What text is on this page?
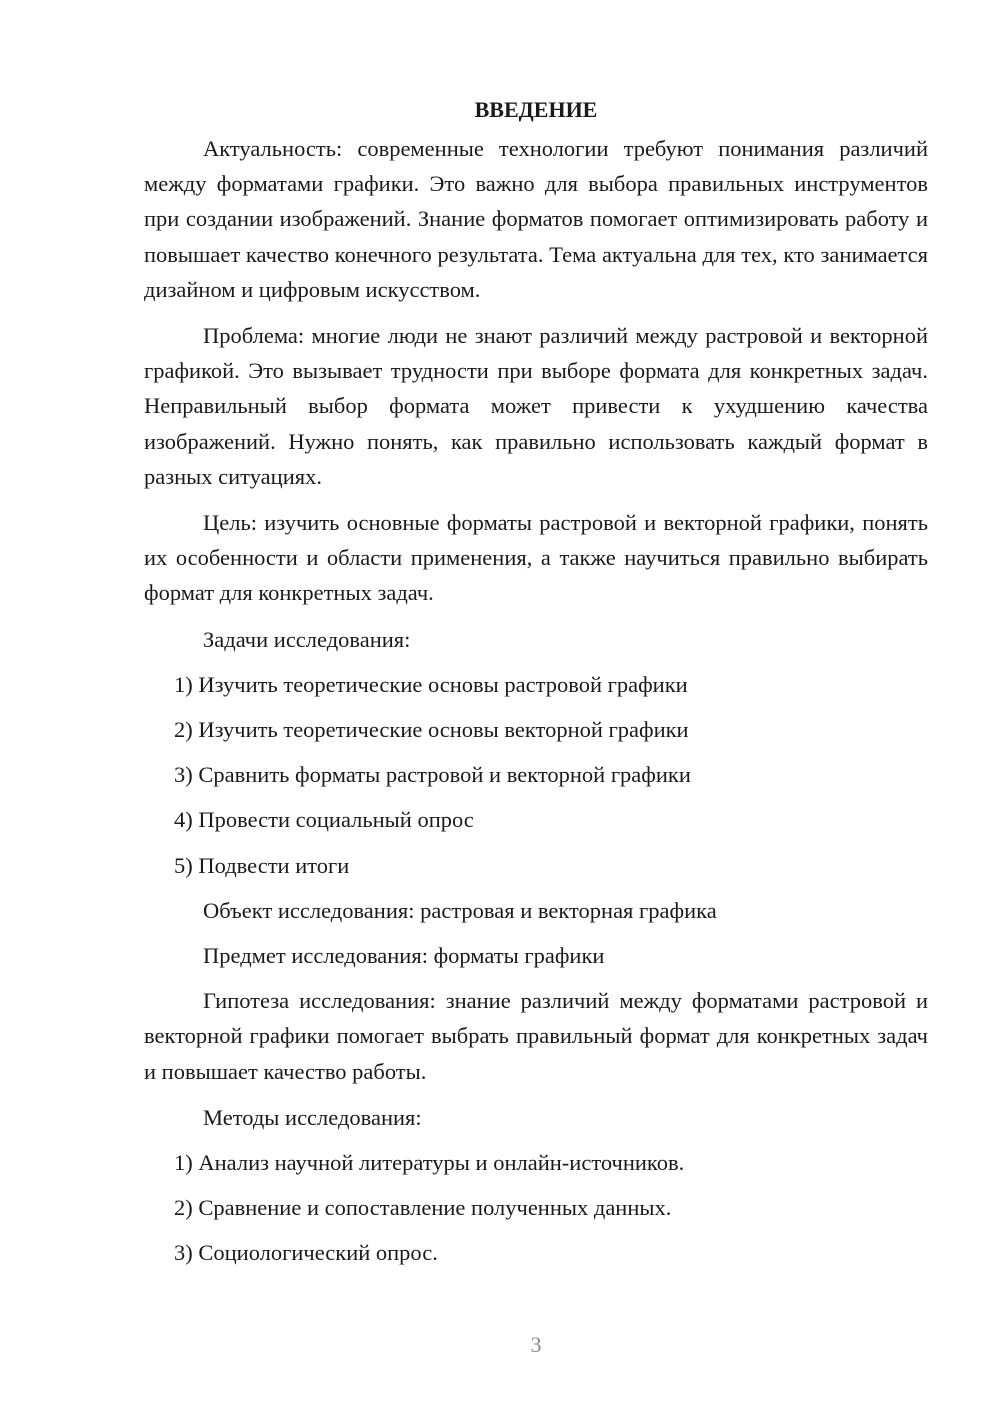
ВВЕДЕНИЕ

Актуальность: современные технологии требуют понимания различий между форматами графики. Это важно для выбора правильных инструментов при создании изображений. Знание форматов помогает оптимизировать работу и повышает качество конечного результата. Тема актуальна для тех, кто занимается дизайном и цифровым искусством.

Проблема: многие люди не знают различий между растровой и векторной графикой. Это вызывает трудности при выборе формата для конкретных задач. Неправильный выбор формата может привести к ухудшению качества изображений. Нужно понять, как правильно использовать каждый формат в разных ситуациях.

Цель: изучить основные форматы растровой и векторной графики, понять их особенности и области применения, а также научиться правильно выбирать формат для конкретных задач.

Задачи исследования:

1) Изучить теоретические основы растровой графики
2) Изучить теоретические основы векторной графики
3) Сравнить форматы растровой и векторной графики
4) Провести социальный опрос
5) Подвести итоги

Объект исследования: растровая и векторная графика

Предмет исследования: форматы графики

Гипотеза исследования: знание различий между форматами растровой и векторной графики помогает выбрать правильный формат для конкретных задач и повышает качество работы.

Методы исследования:

1) Анализ научной литературы и онлайн-источников.
2) Сравнение и сопоставление полученных данных.
3) Социологический опрос.
3
